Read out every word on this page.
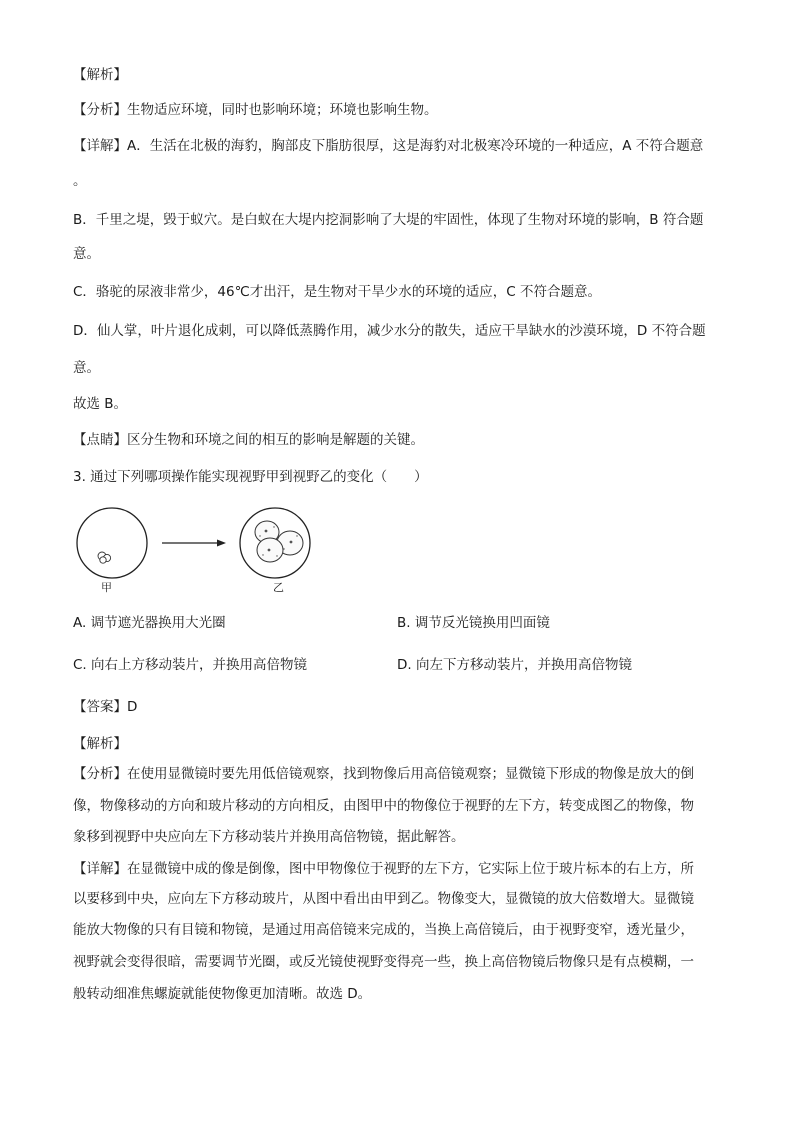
【解析】
【分析】生物适应环境，同时也影响环境；环境也影响生物。
【详解】A．生活在北极的海豹，胸部皮下脂肪很厚，这是海豹对北极寒冷环境的一种适应，A 不符合题意
。
B．千里之堤，毁于蚁穴。是白蚁在大堤内挖洞影响了大堤的牢固性，体现了生物对环境的影响，B 符合题
意。
C．骆驼的尿液非常少，46℃才出汗，是生物对干旱少水的环境的适应，C 不符合题意。
D．仙人掌，叶片退化成刺，可以降低蒸腾作用，减少水分的散失，适应干旱缺水的沙漠环境，D 不符合题
意。
故选 B。
【点睛】区分生物和环境之间的相互的影响是解题的关键。
3. 通过下列哪项操作能实现视野甲到视野乙的变化（　　）
甲	乙
A. 调节遮光器换用大光圈	B. 调节反光镜换用凹面镜
C. 向右上方移动装片，并换用高倍物镜	D. 向左下方移动装片，并换用高倍物镜
【答案】D
【解析】
【分析】在使用显微镜时要先用低倍镜观察，找到物像后用高倍镜观察；显微镜下形成的物像是放大的倒
像，物像移动的方向和玻片移动的方向相反，由图甲中的物像位于视野的左下方，转变成图乙的物像，物
象移到视野中央应向左下方移动装片并换用高倍物镜，据此解答。
【详解】在显微镜中成的像是倒像，图中甲物像位于视野的左下方，它实际上位于玻片标本的右上方，所
以要移到中央，应向左下方移动玻片，从图中看出由甲到乙。物像变大，显微镜的放大倍数增大。显微镜
能放大物像的只有目镜和物镜，是通过用高倍镜来完成的，当换上高倍镜后，由于视野变窄，透光量少，
视野就会变得很暗，需要调节光圈，或反光镜使视野变得亮一些，换上高倍物镜后物像只是有点模糊，一
般转动细准焦螺旋就能使物像更加清晰。故选 D。
